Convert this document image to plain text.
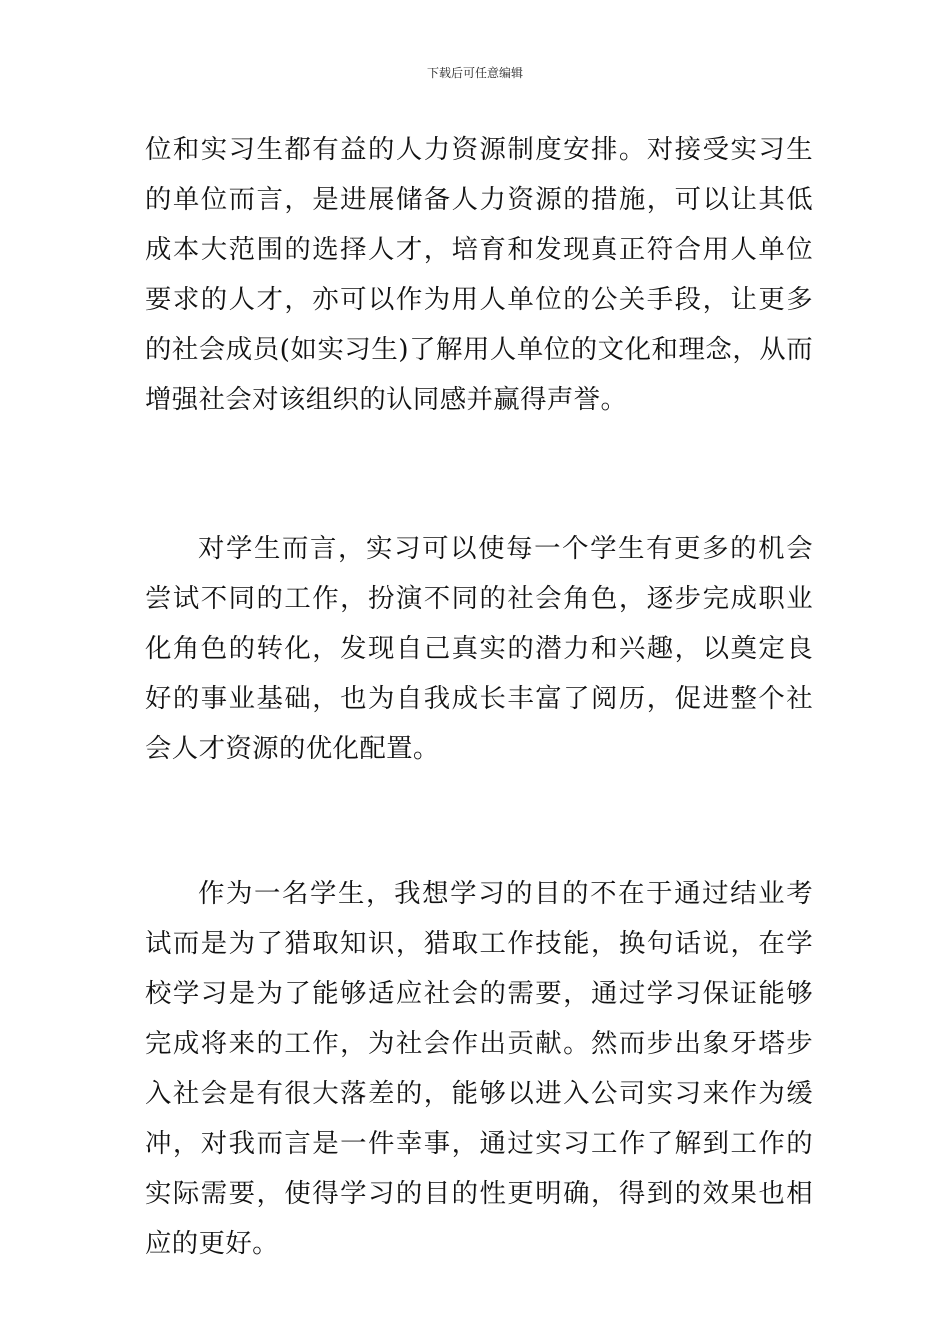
下载后可任意编辑

位和实习生都有益的人力资源制度安排。对接受实习生的单位而言，是进展储备人力资源的措施，可以让其低成本大范围的选择人才，培育和发现真正符合用人单位要求的人才，亦可以作为用人单位的公关手段，让更多的社会成员(如实习生)了解用人单位的文化和理念，从而增强社会对该组织的认同感并赢得声誉。

对学生而言，实习可以使每一个学生有更多的机会尝试不同的工作，扮演不同的社会角色，逐步完成职业化角色的转化，发现自己真实的潜力和兴趣，以奠定良好的事业基础，也为自我成长丰富了阅历，促进整个社会人才资源的优化配置。

作为一名学生，我想学习的目的不在于通过结业考试而是为了猎取知识，猎取工作技能，换句话说，在学校学习是为了能够适应社会的需要，通过学习保证能够完成将来的工作，为社会作出贡献。然而步出象牙塔步入社会是有很大落差的，能够以进入公司实习来作为缓冲，对我而言是一件幸事，通过实习工作了解到工作的实际需要，使得学习的目的性更明确，得到的效果也相应的更好。
